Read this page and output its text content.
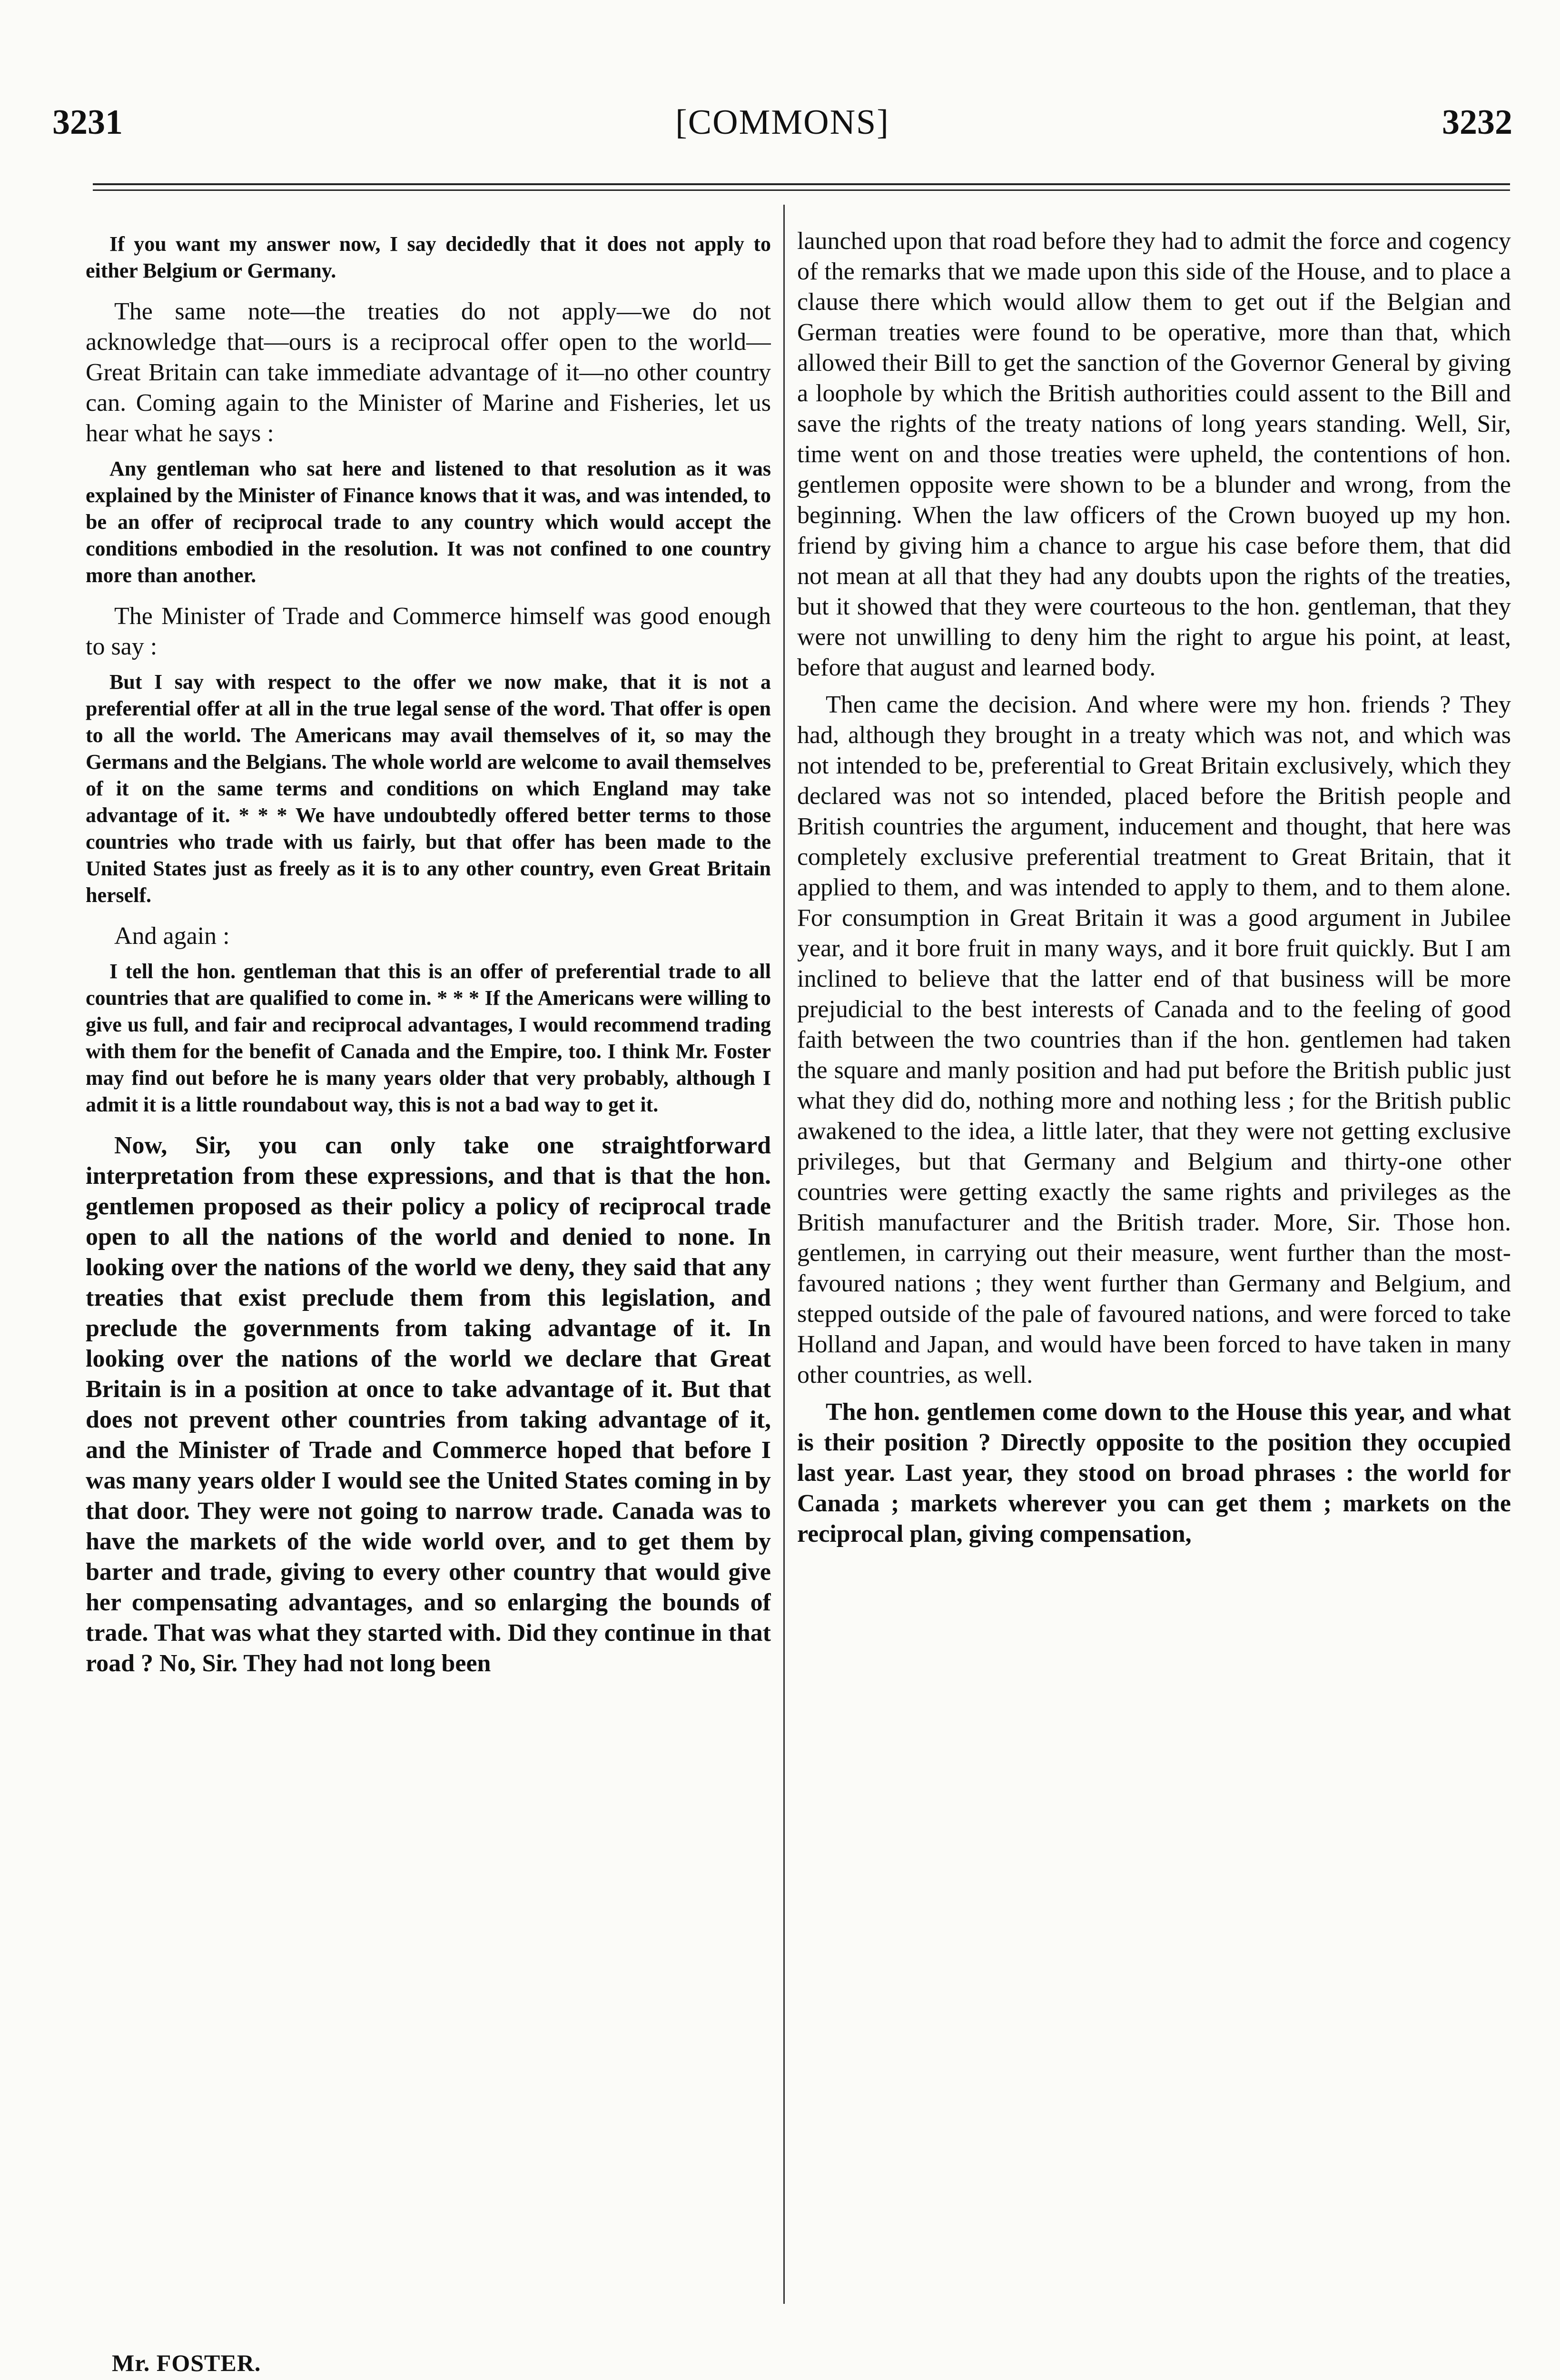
3231	[COMMONS]	3232

If you want my answer now, I say decidedly that it does not apply to either Belgium or Germany.

The same note—the treaties do not apply—we do not acknowledge that—ours is a reciprocal offer open to the world—Great Britain can take immediate advantage of it—no other country can. Coming again to the Minister of Marine and Fisheries, let us hear what he says :

Any gentleman who sat here and listened to that resolution as it was explained by the Minister of Finance knows that it was, and was intended, to be an offer of reciprocal trade to any country which would accept the conditions embodied in the resolution. It was not confined to one country more than another.

The Minister of Trade and Commerce himself was good enough to say :

But I say with respect to the offer we now make, that it is not a preferential offer at all in the true legal sense of the word. That offer is open to all the world. The Americans may avail themselves of it, so may the Germans and the Belgians. The whole world are welcome to avail themselves of it on the same terms and conditions on which England may take advantage of it. * * * We have undoubtedly offered better terms to those countries who trade with us fairly, but that offer has been made to the United States just as freely as it is to any other country, even Great Britain herself.

And again :

I tell the hon. gentleman that this is an offer of preferential trade to all countries that are qualified to come in. * * * If the Americans were willing to give us full, and fair and reciprocal advantages, I would recommend trading with them for the benefit of Canada and the Empire, too. I think Mr. Foster may find out before he is many years older that very probably, although I admit it is a little roundabout way, this is not a bad way to get it.

Now, Sir, you can only take one straightforward interpretation from these expressions, and that is that the hon. gentlemen proposed as their policy a policy of reciprocal trade open to all the nations of the world and denied to none. In looking over the nations of the world we deny, they said that any treaties that exist preclude them from this legislation, and preclude the governments from taking advantage of it. In looking over the nations of the world we declare that Great Britain is in a position at once to take advantage of it. But that does not prevent other countries from taking advantage of it, and the Minister of Trade and Commerce hoped that before I was many years older I would see the United States coming in by that door. They were not going to narrow trade. Canada was to have the markets of the wide world over, and to get them by barter and trade, giving to every other country that would give her compensating advantages, and so enlarging the bounds of trade. That was what they started with. Did they continue in that road ? No, Sir. They had not long been

launched upon that road before they had to admit the force and cogency of the remarks that we made upon this side of the House, and to place a clause there which would allow them to get out if the Belgian and German treaties were found to be operative, more than that, which allowed their Bill to get the sanction of the Governor General by giving a loophole by which the British authorities could assent to the Bill and save the rights of the treaty nations of long years standing. Well, Sir, time went on and those treaties were upheld, the contentions of hon. gentlemen opposite were shown to be a blunder and wrong, from the beginning. When the law officers of the Crown buoyed up my hon. friend by giving him a chance to argue his case before them, that did not mean at all that they had any doubts upon the rights of the treaties, but it showed that they were courteous to the hon. gentleman, that they were not unwilling to deny him the right to argue his point, at least, before that august and learned body.

Then came the decision. And where were my hon. friends ? They had, although they brought in a treaty which was not, and which was not intended to be, preferential to Great Britain exclusively, which they declared was not so intended, placed before the British people and British countries the argument, inducement and thought, that here was completely exclusive preferential treatment to Great Britain, that it applied to them, and was intended to apply to them, and to them alone. For consumption in Great Britain it was a good argument in Jubilee year, and it bore fruit in many ways, and it bore fruit quickly. But I am inclined to believe that the latter end of that business will be more prejudicial to the best interests of Canada and to the feeling of good faith between the two countries than if the hon. gentlemen had taken the square and manly position and had put before the British public just what they did do, nothing more and nothing less ; for the British public awakened to the idea, a little later, that they were not getting exclusive privileges, but that Germany and Belgium and thirty-one other countries were getting exactly the same rights and privileges as the British manufacturer and the British trader. More, Sir. Those hon. gentlemen, in carrying out their measure, went further than the most-favoured nations ; they went further than Germany and Belgium, and stepped outside of the pale of favoured nations, and were forced to take Holland and Japan, and would have been forced to have taken in many other countries, as well.

The hon. gentlemen come down to the House this year, and what is their position ? Directly opposite to the position they occupied last year. Last year, they stood on broad phrases : the world for Canada ; markets wherever you can get them ; markets on the reciprocal plan, giving compensation,

Mr. FOSTER.
